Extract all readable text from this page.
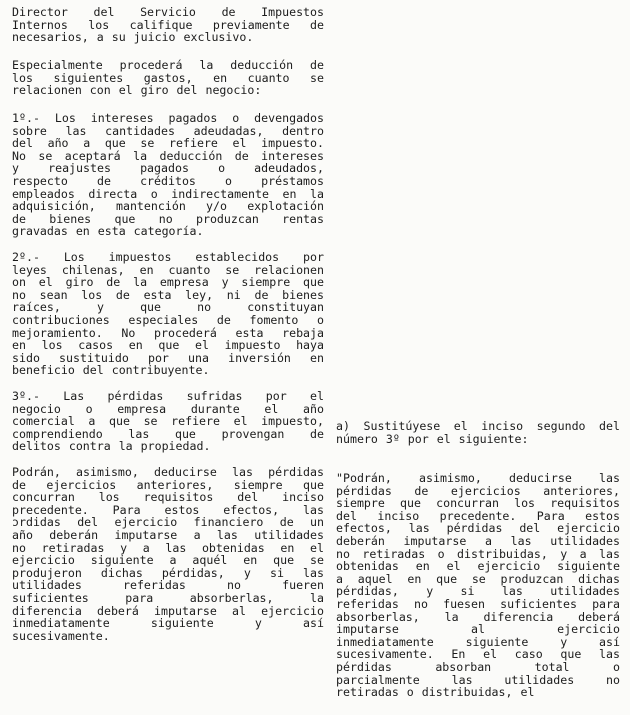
Director del Servicio de Impuestos
Internos los califique previamente de
necesarios, a su juicio exclusivo.
Especialmente procederá la deducción de
los siguientes gastos, en cuanto se
relacionen con el giro del negocio:
1º.- Los intereses pagados o devengados
sobre las cantidades adeudadas, dentro
del año a que se refiere el impuesto.
No se aceptará la deducción de intereses
y reajustes pagados o adeudados,
respecto de créditos o préstamos
empleados directa o indirectamente en la
adquisición, mantención y/o explotación
de bienes que no produzcan rentas
gravadas en esta categoría.
2º.- Los impuestos establecidos por
leyes chilenas, en cuanto se relacionen
on el giro de la empresa y siempre que
no sean los de esta ley, ni de bienes
raíces, y que no constituyan
contribuciones especiales de fomento o
mejoramiento. No procederá esta rebaja
en los casos en que el impuesto haya
sido sustituido por una inversión en
beneficio del contribuyente.
3º.- Las pérdidas sufridas por el
negocio o empresa durante el año
comercial a que se refiere el impuesto,
comprendiendo las que provengan de
delitos contra la propiedad.
Podrán, asimismo, deducirse las pérdidas
de ejercicios anteriores, siempre que
concurran los requisitos del inciso
precedente. Para estos efectos, las
ɔrdidas del ejercicio financiero de un
año deberán imputarse a las utilidades
no retiradas y a las obtenidas en el
ejercicio siguiente a aquél en que se
produjeron dichas pérdidas, y si las
utilidades referidas no fueren
suficientes para absorberlas, la
diferencia deberá imputarse al ejercicio
inmediatamente siguiente y así
sucesivamente.
a) Sustitúyese el inciso segundo del
número 3º por el siguiente:
"Podrán, asimismo, deducirse las
pérdidas de ejercicios anteriores,
siempre que concurran los requisitos
del inciso precedente. Para estos
efectos, las pérdidas del ejercicio
deberán imputarse a las utilidades
no retiradas o distribuidas, y a las
obtenidas en el ejercicio siguiente
a aquel en que se produzcan dichas
pérdidas, y si las utilidades
referidas no fuesen suficientes para
absorberlas, la diferencia deberá
imputarse al ejercicio
inmediatamente siguiente y así
sucesivamente. En el caso que las
pérdidas absorban total o
parcialmente las utilidades no
retiradas o distribuidas, el
